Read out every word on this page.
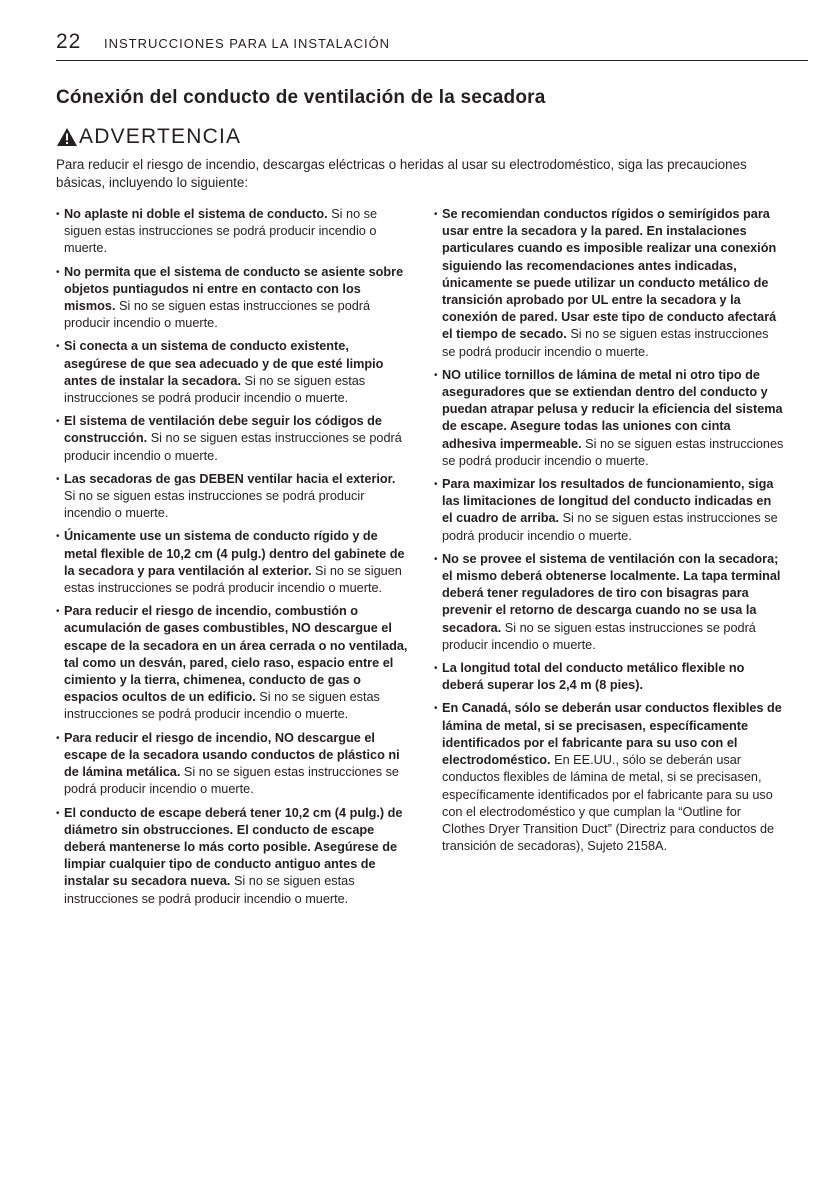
22 INSTRUCCIONES PARA LA INSTALACIÓN
Cónexión del conducto de ventilación de la secadora
ADVERTENCIA

Para reducir el riesgo de incendio, descargas eléctricas o heridas al usar su electrodoméstico, siga las precauciones básicas, incluyendo lo siguiente:

• No aplaste ni doble el sistema de conducto. Si no se siguen estas instrucciones se podrá producir incendio o muerte.

• No permita que el sistema de conducto se asiente sobre objetos puntiagudos ni entre en contacto con los mismos. Si no se siguen estas instrucciones se podrá producir incendio o muerte.

• Si conecta a un sistema de conducto existente, asegúrese de que sea adecuado y de que esté limpio antes de instalar la secadora. Si no se siguen estas instrucciones se podrá producir incendio o muerte.

• El sistema de ventilación debe seguir los códigos de construcción. Si no se siguen estas instrucciones se podrá producir incendio o muerte.

• Las secadoras de gas DEBEN ventilar hacia el exterior. Si no se siguen estas instrucciones se podrá producir incendio o muerte.

• Únicamente use un sistema de conducto rígido y de metal flexible de 10,2 cm (4 pulg.) dentro del gabinete de la secadora y para ventilación al exterior. Si no se siguen estas instrucciones se podrá producir incendio o muerte.

• Para reducir el riesgo de incendio, combustión o acumulación de gases combustibles, NO descargue el escape de la secadora en un área cerrada o no ventilada, tal como un desván, pared, cielo raso, espacio entre el cimiento y la tierra, chimenea, conducto de gas o espacios ocultos de un edificio. Si no se siguen estas instrucciones se podrá producir incendio o muerte.

• Para reducir el riesgo de incendio, NO descargue el escape de la secadora usando conductos de plástico ni de lámina metálica. Si no se siguen estas instrucciones se podrá producir incendio o muerte.

• El conducto de escape deberá tener 10,2 cm (4 pulg.) de diámetro sin obstrucciones. El conducto de escape deberá mantenerse lo más corto posible. Asegúrese de limpiar cualquier tipo de conducto antiguo antes de instalar su secadora nueva. Si no se siguen estas instrucciones se podrá producir incendio o muerte.

• Se recomiendan conductos rígidos o semirígidos para usar entre la secadora y la pared. En instalaciones particulares cuando es imposible realizar una conexión siguiendo las recomendaciones antes indicadas, únicamente se puede utilizar un conducto metálico de transición aprobado por UL entre la secadora y la conexión de pared. Usar este tipo de conducto afectará el tiempo de secado. Si no se siguen estas instrucciones se podrá producir incendio o muerte.

• NO utilice tornillos de lámina de metal ni otro tipo de aseguradores que se extiendan dentro del conducto y puedan atrapar pelusa y reducir la eficiencia del sistema de escape. Asegure todas las uniones con cinta adhesiva impermeable. Si no se siguen estas instrucciones se podrá producir incendio o muerte.

• Para maximizar los resultados de funcionamiento, siga las limitaciones de longitud del conducto indicadas en el cuadro de arriba. Si no se siguen estas instrucciones se podrá producir incendio o muerte.

• No se provee el sistema de ventilación con la secadora; el mismo deberá obtenerse localmente. La tapa terminal deberá tener reguladores de tiro con bisagras para prevenir el retorno de descarga cuando no se usa la secadora. Si no se siguen estas instrucciones se podrá producir incendio o muerte.

• La longitud total del conducto metálico flexible no deberá superar los 2,4 m (8 pies).

• En Canadá, sólo se deberán usar conductos flexibles de lámina de metal, si se precisasen, específicamente identificados por el fabricante para su uso con el electrodoméstico. En EE.UU., sólo se deberán usar conductos flexibles de lámina de metal, si se precisasen, específicamente identificados por el fabricante para su uso con el electrodoméstico y que cumplan la “Outline for Clothes Dryer Transition Duct” (Directriz para conductos de transición de secadoras), Sujeto 2158A.
